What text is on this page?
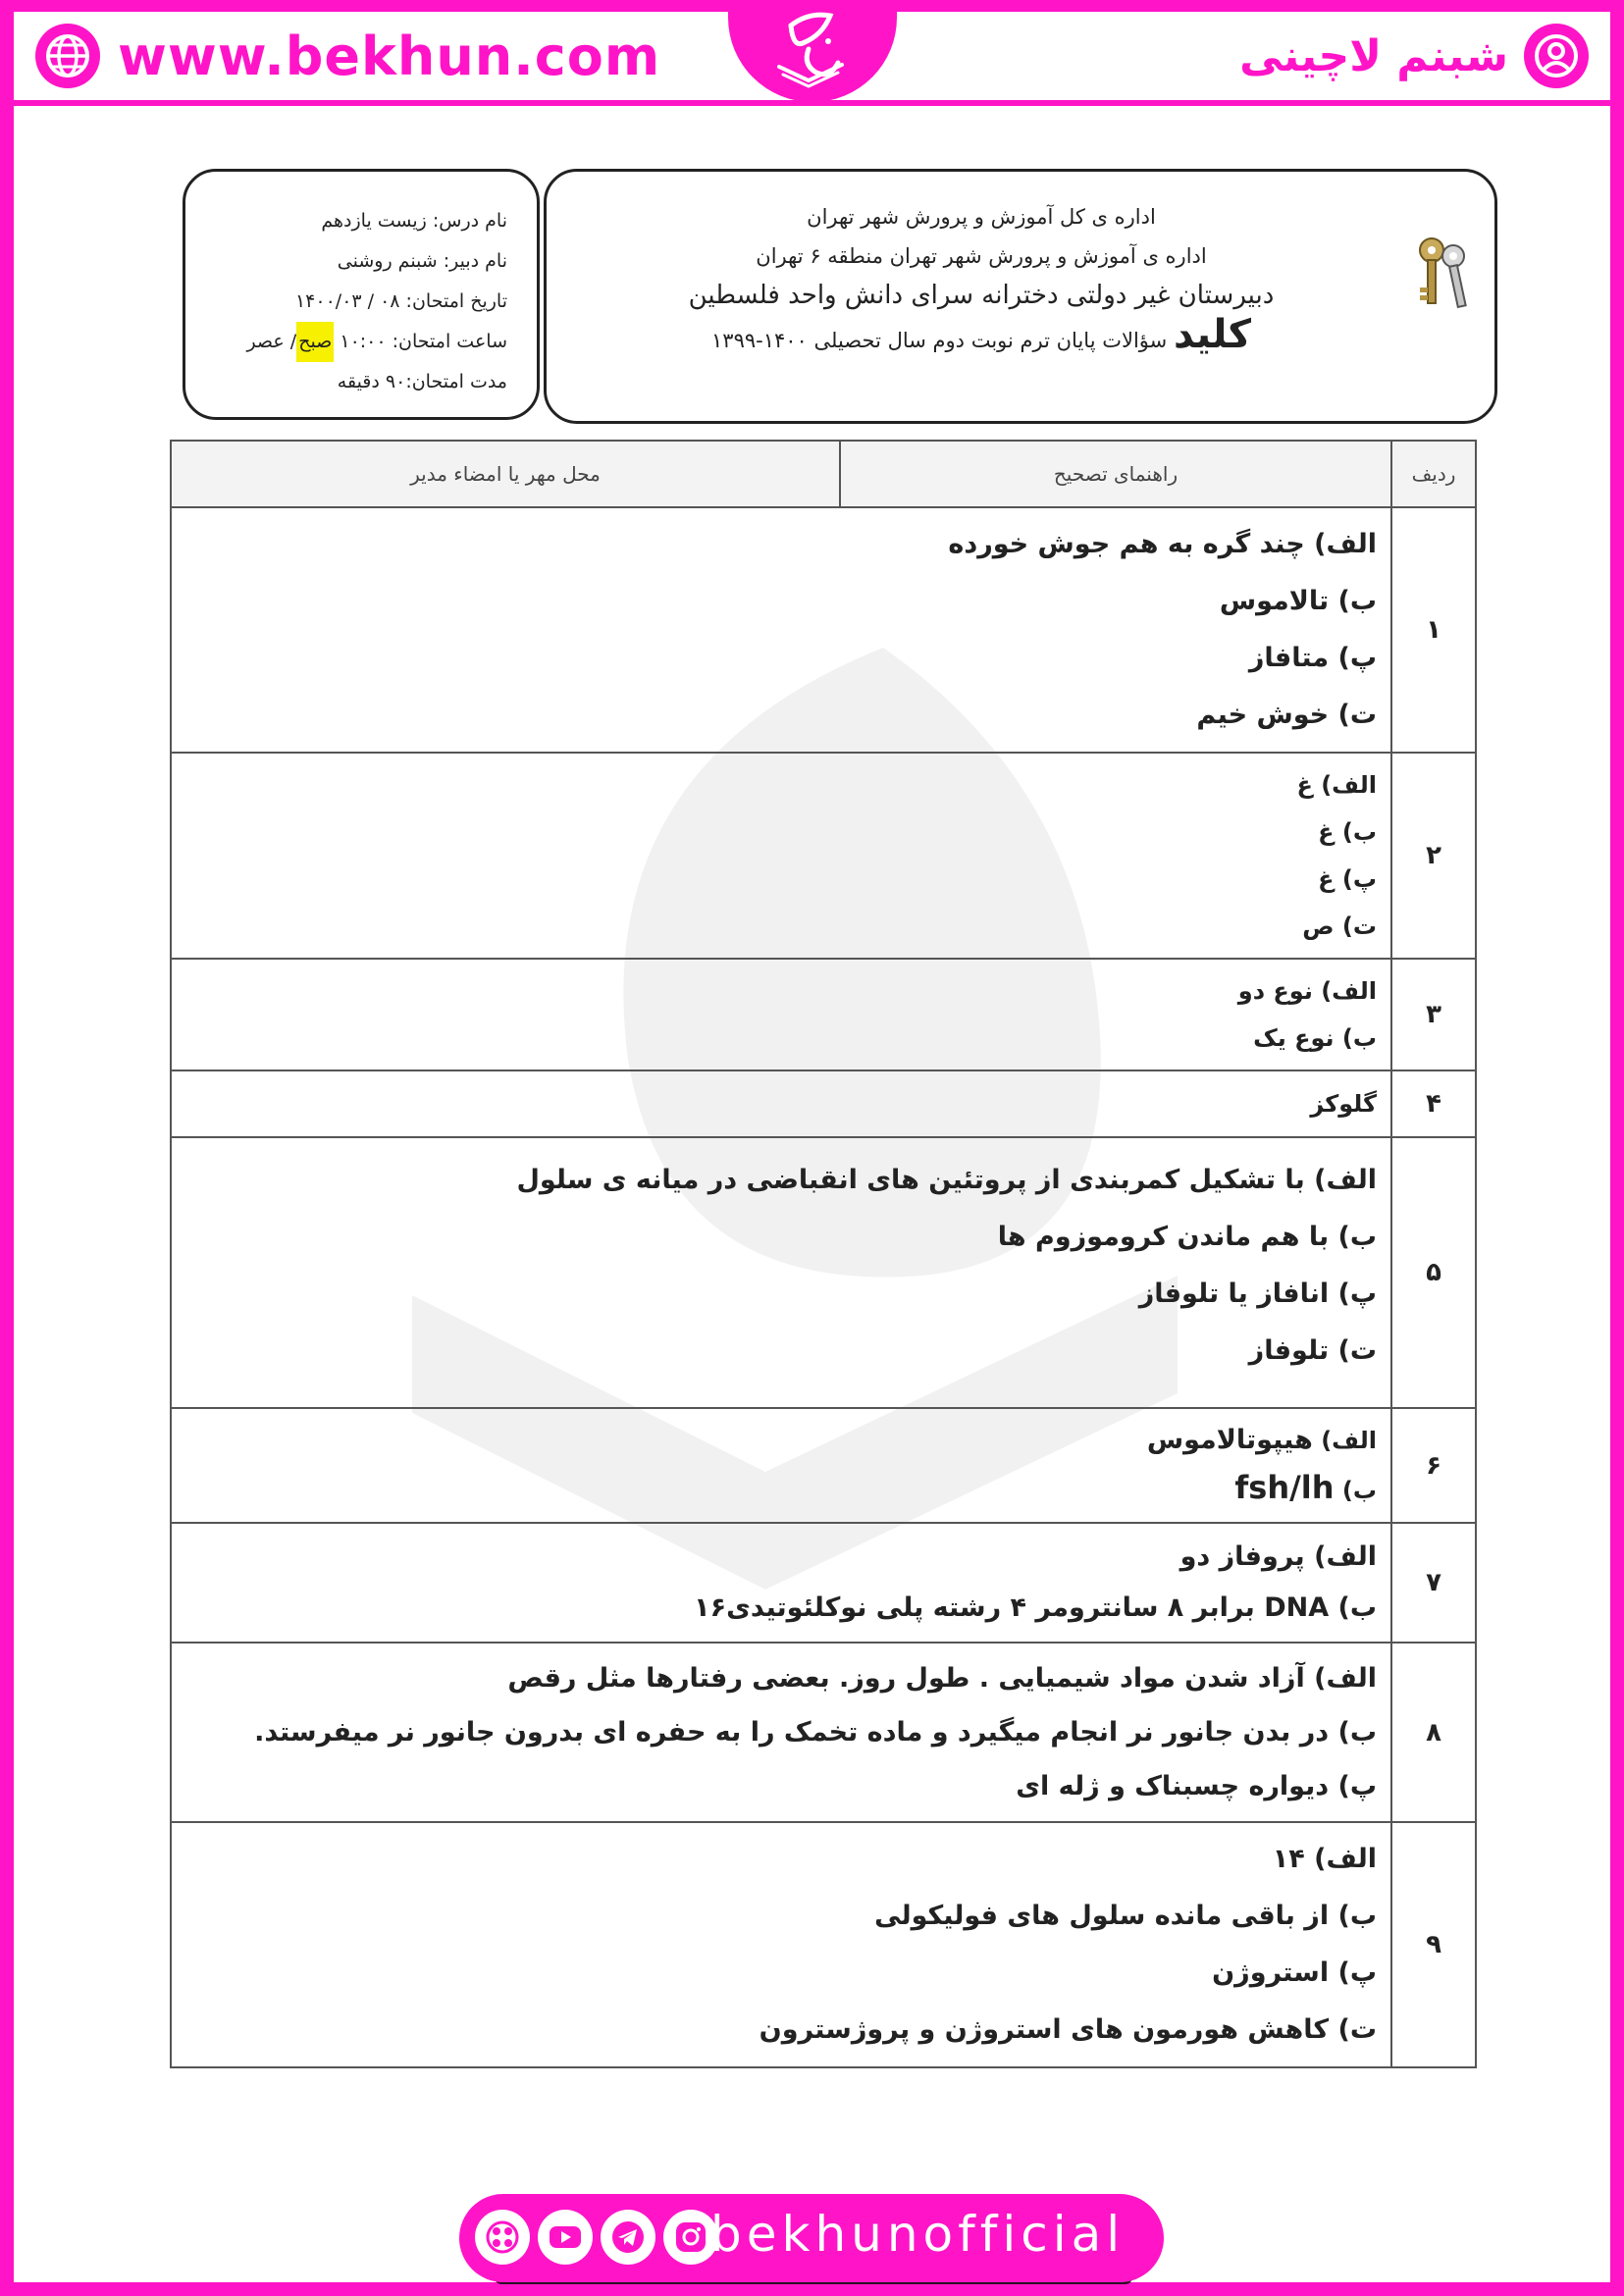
www.bekhun.com	شبنم لاچینی
نام درس: زیست یازدهم
نام دبیر: شبنم روشنی
تاریخ امتحان: ۰۸ / ۱۴۰۰/۰۳
ساعت امتحان: ۱۰:۰۰ صبح/ عصر
مدت امتحان:۹۰ دقیقه
اداره ی کل آموزش و پرورش شهر تهران
اداره ی آموزش و پرورش شهر تهران منطقه ۶ تهران
دبیرستان غیر دولتی دخترانه سرای دانش واحد فلسطین
کلید سؤالات پایان ترم نوبت دوم سال تحصیلی ۱۴۰۰-۱۳۹۹
ردیف	راهنمای تصحیح	محل مهر یا امضاء مدیر
۱	الف) چند گره به هم جوش خورده
ب) تالاموس
پ) متافاز
ت) خوش خیم	

۲	الف) غ
ب) غ
پ) غ
ت) ص	

۳	الف) نوع دو
ب) نوع یک	

۴	گلوکز	

۵	الف) با تشکیل کمربندی از پروتئین های انقباضی در میانه ی سلول
ب) با هم ماندن کروموزوم ها
پ) انافاز یا تلوفاز
ت) تلوفاز	

۶	الف) هیپوتالاموس
ب) fsh/lh	

۷	الف) پروفاز دو
ب) DNA برابر ۸ سانترومر ۴ رشته پلی نوکلئوتیدی۱۶	

۸	الف) آزاد شدن مواد شیمیایی . طول روز. بعضی رفتارها مثل رقص
ب) در بدن جانور نر انجام میگیرد و ماده تخمک را به حفره ای بدرون جانور نر میفرستد.
پ) دیواره چسبناک و ژله ای	

۹	الف) ۱۴
ب) از باقی مانده سلول های فولیکولی
پ) استروژن
ت) کاهش هورمون های استروژن و پروژسترون	
bekhunofficial
